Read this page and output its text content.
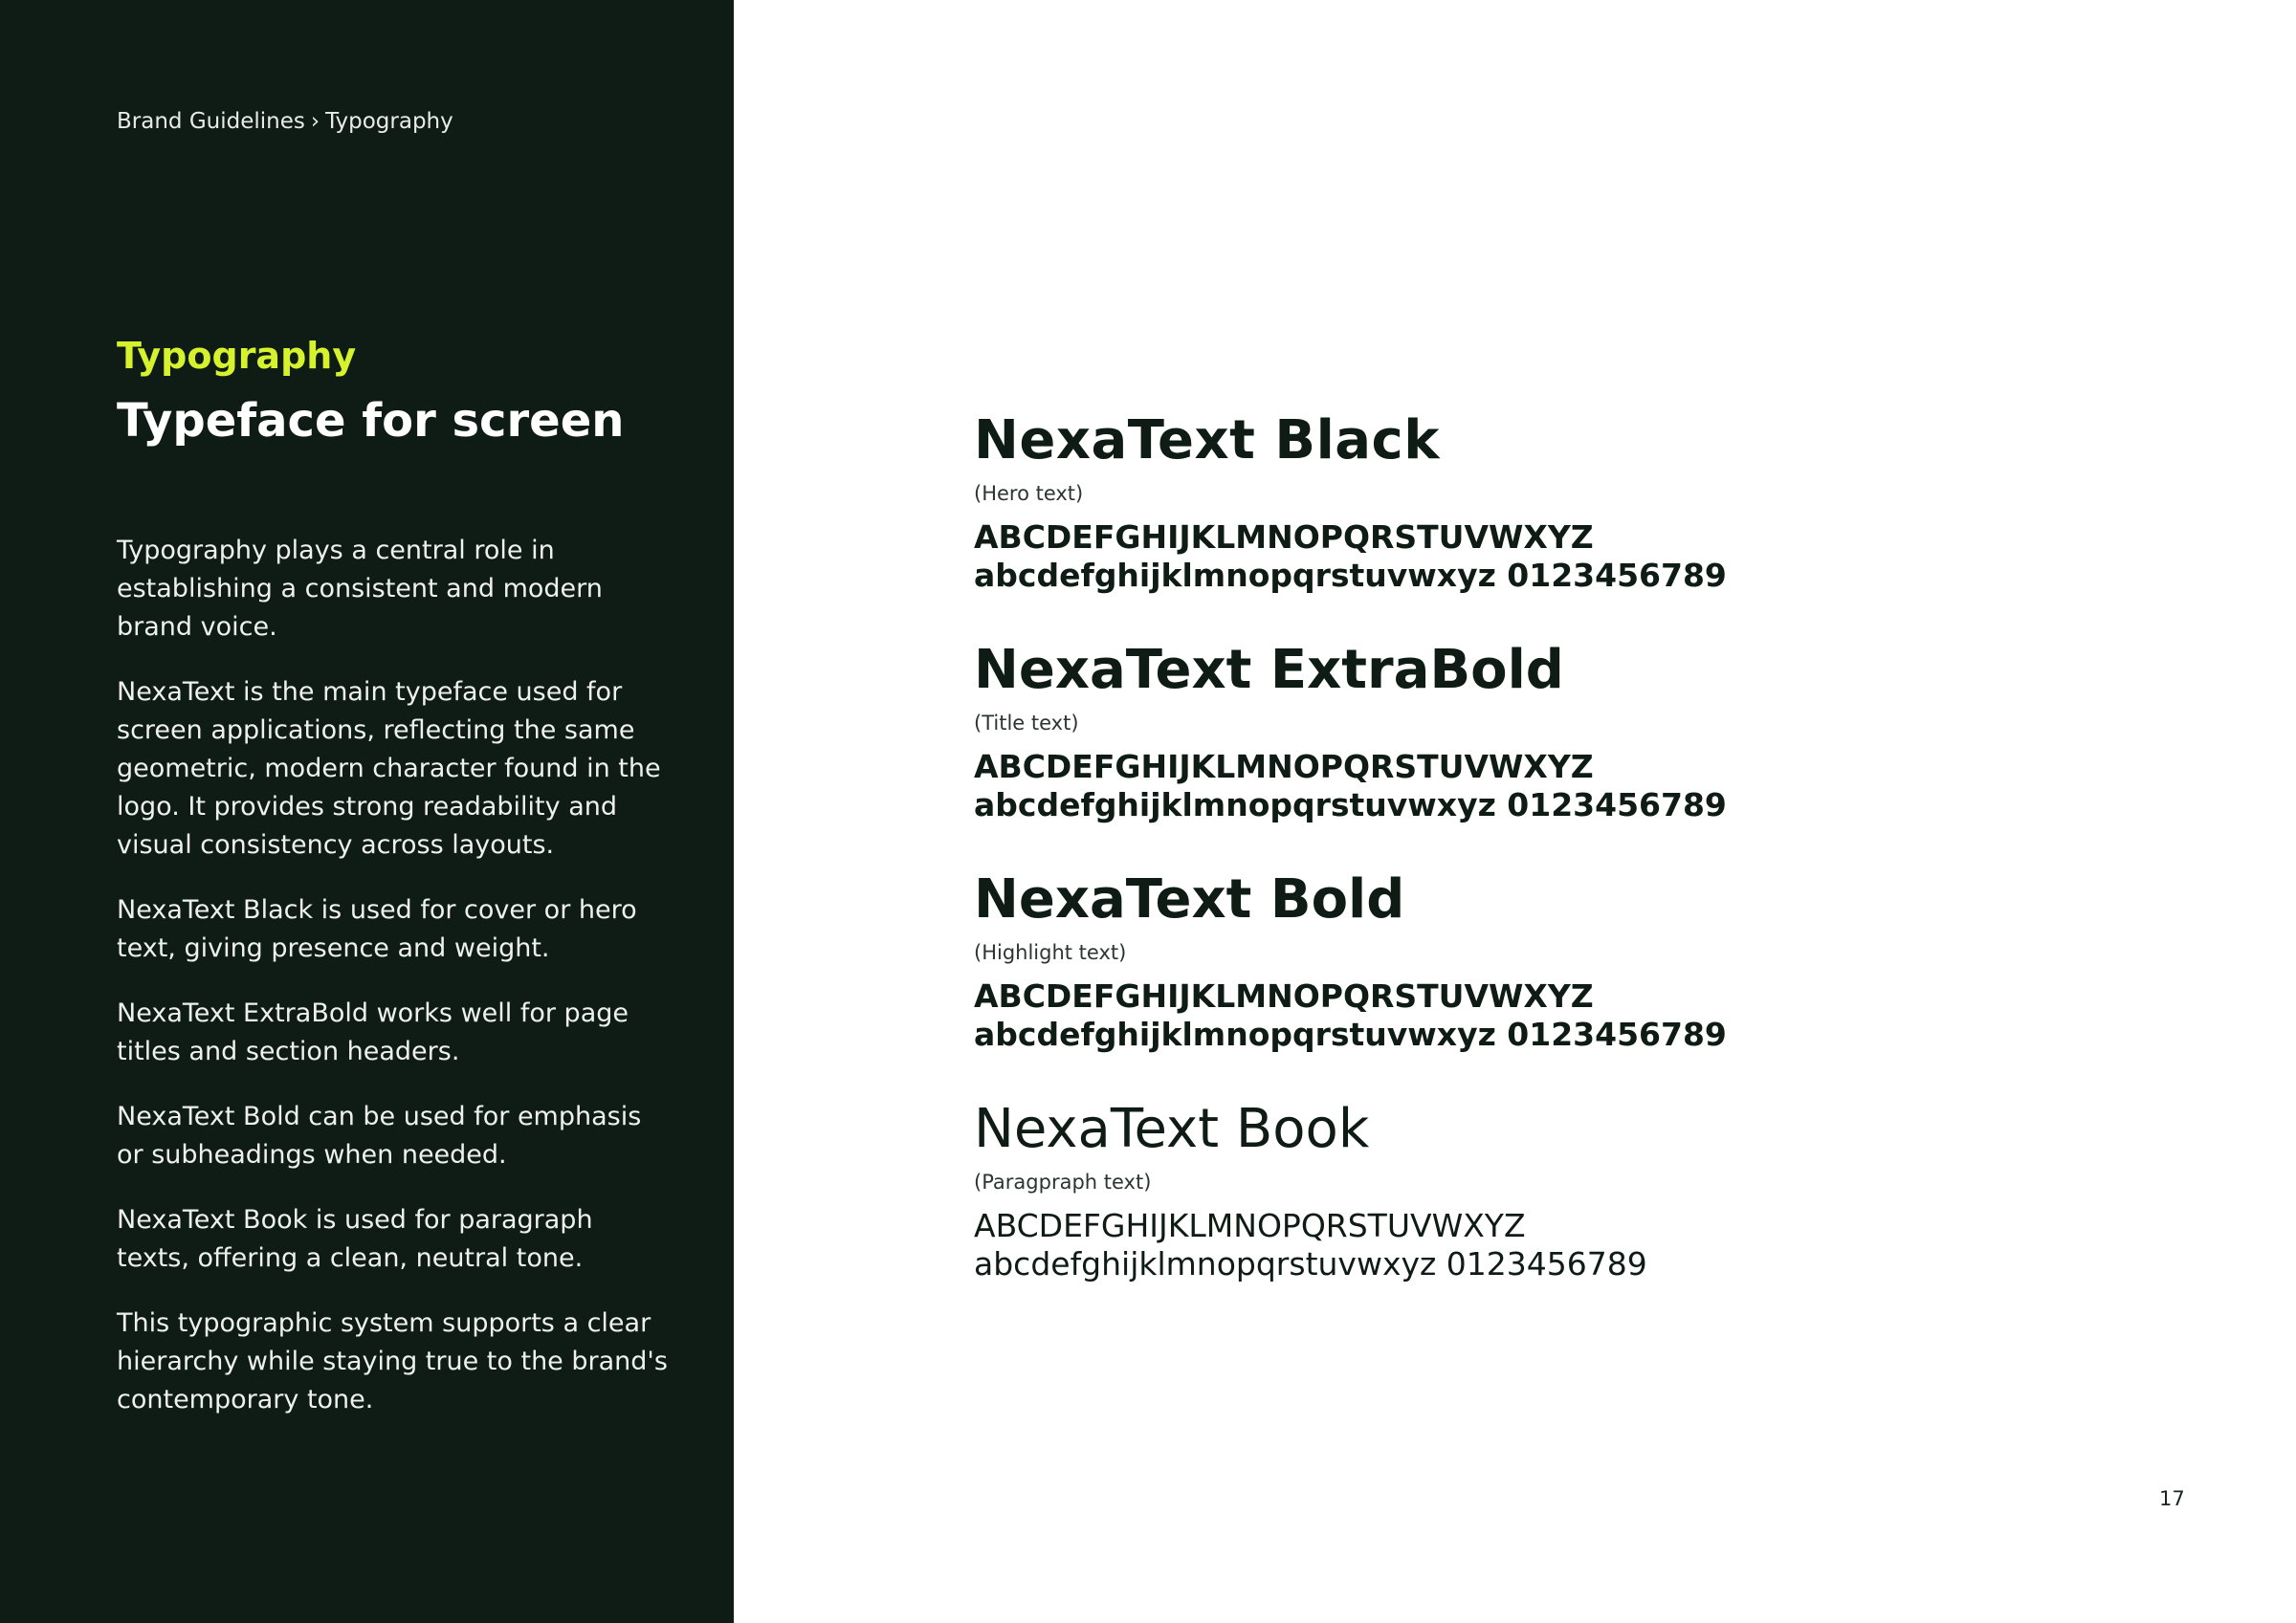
Brand Guidelines › Typography
Typography
Typeface for screen

Typography plays a central role in establishing a consistent and modern brand voice.

NexaText is the main typeface used for screen applications, reflecting the same geometric, modern character found in the logo. It provides strong readability and visual consistency across layouts.

NexaText Black is used for cover or hero text, giving presence and weight.

NexaText ExtraBold works well for page titles and section headers.

NexaText Bold can be used for emphasis or subheadings when needed.

NexaText Book is used for paragraph texts, offering a clean, neutral tone.

This typographic system supports a clear hierarchy while staying true to the brand's contemporary tone.

NexaText Black
(Hero text)
ABCDEFGHIJKLMNOPQRSTUVWXYZ
abcdefghijklmnopqrstuvwxyz 0123456789
NexaText ExtraBold
(Title text)
ABCDEFGHIJKLMNOPQRSTUVWXYZ
abcdefghijklmnopqrstuvwxyz 0123456789
NexaText Bold
(Highlight text)
ABCDEFGHIJKLMNOPQRSTUVWXYZ
abcdefghijklmnopqrstuvwxyz 0123456789
NexaText Book
(Paragpraph text)
ABCDEFGHIJKLMNOPQRSTUVWXYZ
abcdefghijklmnopqrstuvwxyz 0123456789
17
